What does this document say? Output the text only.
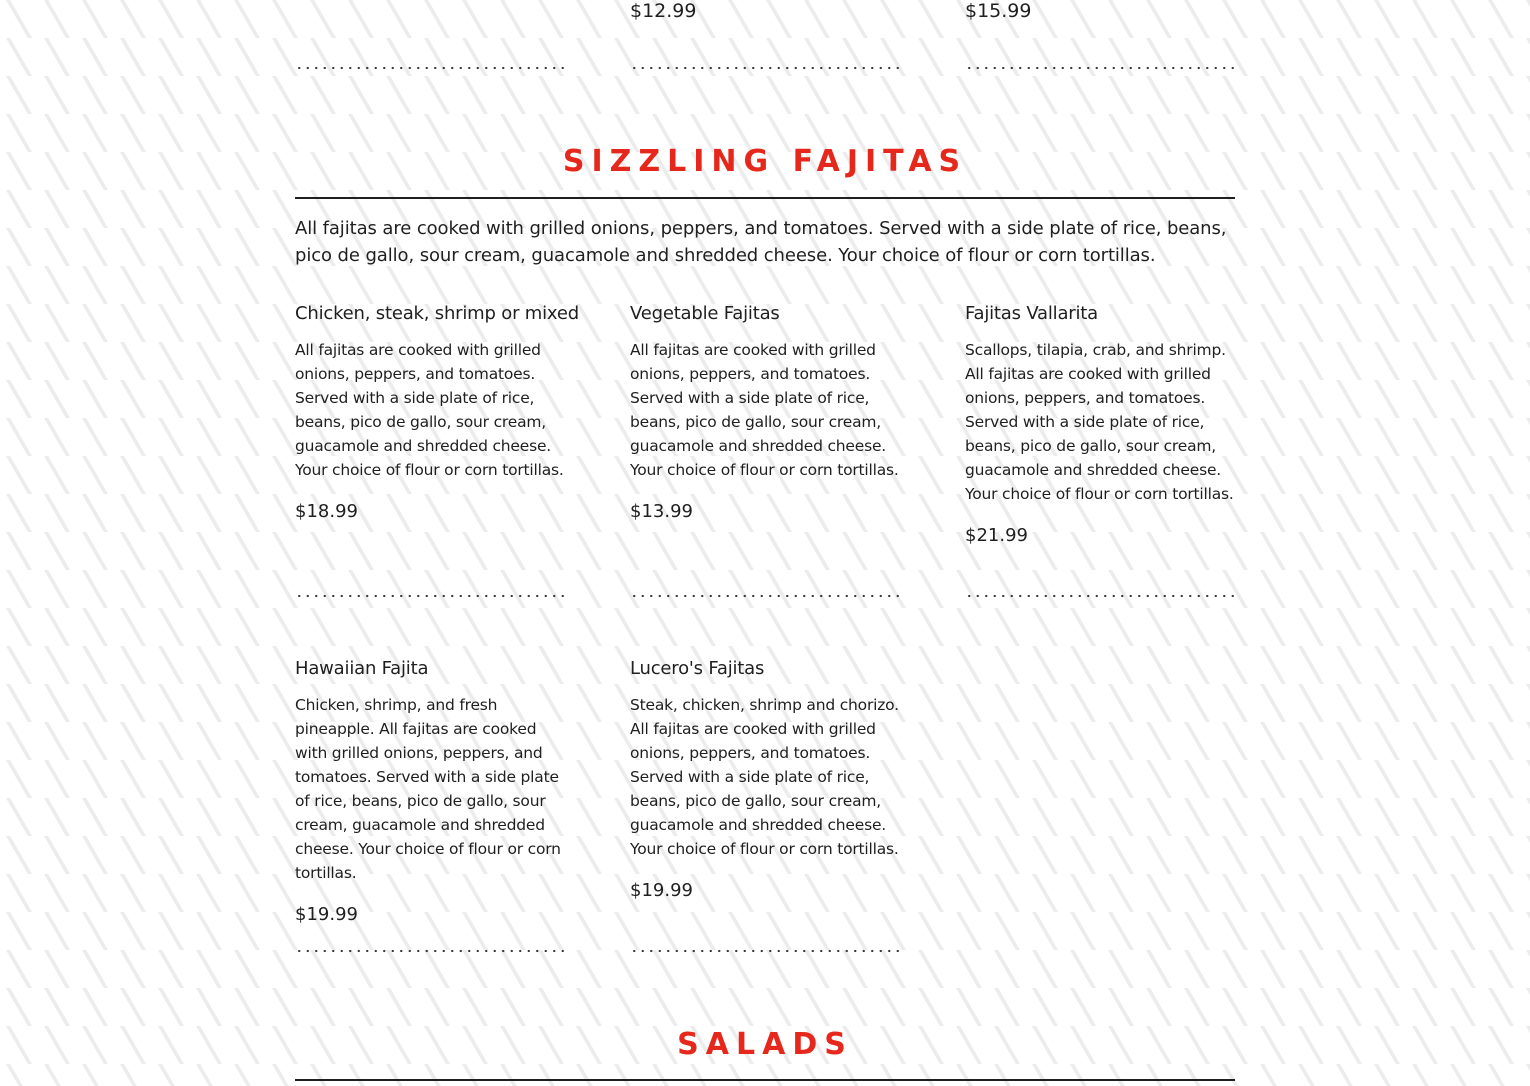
$12.99	$15.99
SIZZLING FAJITAS

All fajitas are cooked with grilled onions, peppers, and tomatoes. Served with a side plate of rice, beans, pico de gallo, sour cream, guacamole and shredded cheese. Your choice of flour or corn tortillas.

Chicken, steak, shrimp or mixed

All fajitas are cooked with grilled onions, peppers, and tomatoes. Served with a side plate of rice, beans, pico de gallo, sour cream, guacamole and shredded cheese. Your choice of flour or corn tortillas.

$18.99

Vegetable Fajitas

All fajitas are cooked with grilled onions, peppers, and tomatoes. Served with a side plate of rice, beans, pico de gallo, sour cream, guacamole and shredded cheese. Your choice of flour or corn tortillas.

$13.99

Fajitas Vallarita

Scallops, tilapia, crab, and shrimp. All fajitas are cooked with grilled onions, peppers, and tomatoes. Served with a side plate of rice, beans, pico de gallo, sour cream, guacamole and shredded cheese. Your choice of flour or corn tortillas.

$21.99

Hawaiian Fajita

Chicken, shrimp, and fresh pineapple. All fajitas are cooked with grilled onions, peppers, and tomatoes. Served with a side plate of rice, beans, pico de gallo, sour cream, guacamole and shredded cheese. Your choice of flour or corn tortillas.

$19.99

Lucero's Fajitas

Steak, chicken, shrimp and chorizo. All fajitas are cooked with grilled onions, peppers, and tomatoes. Served with a side plate of rice, beans, pico de gallo, sour cream, guacamole and shredded cheese. Your choice of flour or corn tortillas.

$19.99

SALADS
